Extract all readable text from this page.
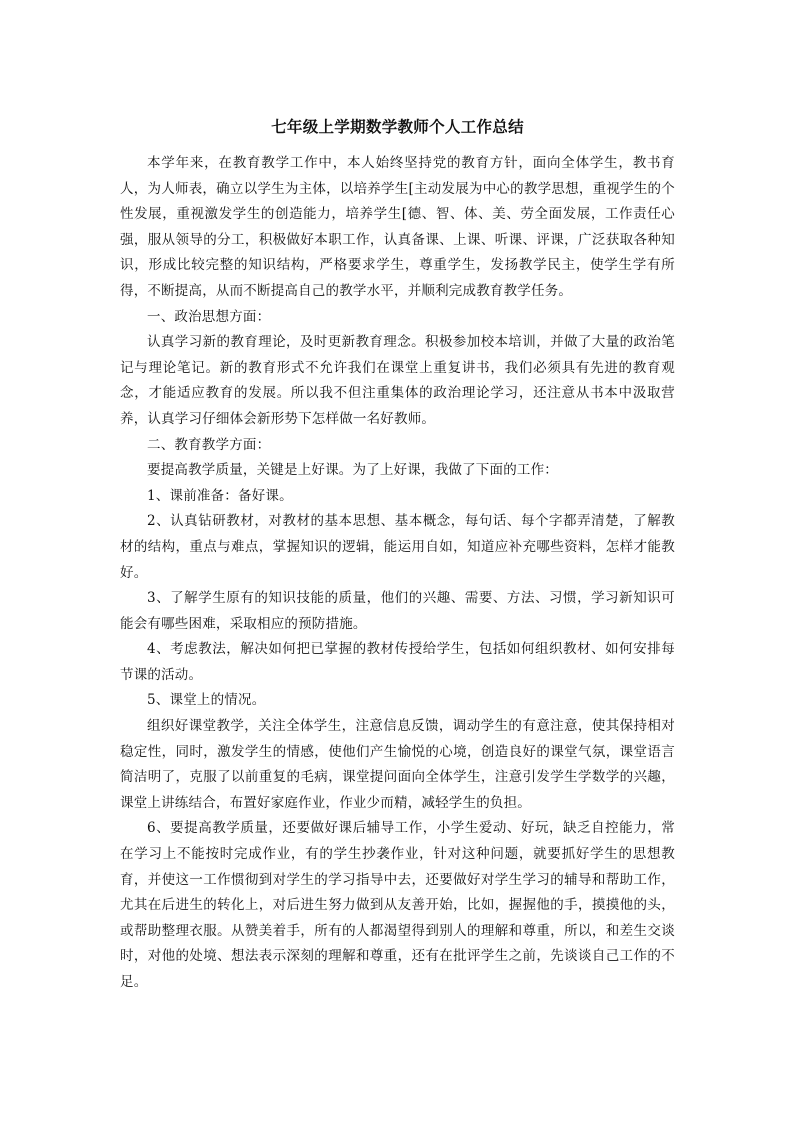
七年级上学期数学教师个人工作总结

本学年来，在教育教学工作中，本人始终坚持党的教育方针，面向全体学生，教书育人，为人师表，确立以学生为主体，以培养学生[主动发展为中心的教学思想，重视学生的个性发展，重视激发学生的创造能力，培养学生[德、智、体、美、劳全面发展，工作责任心强，服从领导的分工，积极做好本职工作，认真备课、上课、听课、评课，广泛获取各种知识，形成比较完整的知识结构，严格要求学生，尊重学生，发扬教学民主，使学生学有所得，不断提高，从而不断提高自己的教学水平，并顺利完成教育教学任务。

一、政治思想方面：

认真学习新的教育理论，及时更新教育理念。积极参加校本培训，并做了大量的政治笔记与理论笔记。新的教育形式不允许我们在课堂上重复讲书，我们必须具有先进的教育观念，才能适应教育的发展。所以我不但注重集体的政治理论学习，还注意从书本中汲取营养，认真学习仔细体会新形势下怎样做一名好教师。

二、教育教学方面：

要提高教学质量，关键是上好课。为了上好课，我做了下面的工作：

1、课前准备：备好课。

2、认真钻研教材，对教材的基本思想、基本概念，每句话、每个字都弄清楚，了解教材的结构，重点与难点，掌握知识的逻辑，能运用自如，知道应补充哪些资料，怎样才能教好。

3、了解学生原有的知识技能的质量，他们的兴趣、需要、方法、习惯，学习新知识可能会有哪些困难，采取相应的预防措施。

4、考虑教法，解决如何把已掌握的教材传授给学生，包括如何组织教材、如何安排每节课的活动。

5、课堂上的情况。

组织好课堂教学，关注全体学生，注意信息反馈，调动学生的有意注意，使其保持相对稳定性，同时，激发学生的情感，使他们产生愉悦的心境，创造良好的课堂气氛，课堂语言简洁明了，克服了以前重复的毛病，课堂提问面向全体学生，注意引发学生学数学的兴趣，课堂上讲练结合，布置好家庭作业，作业少而精，减轻学生的负担。

6、要提高教学质量，还要做好课后辅导工作，小学生爱动、好玩，缺乏自控能力，常在学习上不能按时完成作业，有的学生抄袭作业，针对这种问题，就要抓好学生的思想教育，并使这一工作惯彻到对学生的学习指导中去，还要做好对学生学习的辅导和帮助工作，尤其在后进生的转化上，对后进生努力做到从友善开始，比如，握握他的手，摸摸他的头，或帮助整理衣服。从赞美着手，所有的人都渴望得到别人的理解和尊重，所以，和差生交谈时，对他的处境、想法表示深刻的理解和尊重，还有在批评学生之前，先谈谈自己工作的不足。
